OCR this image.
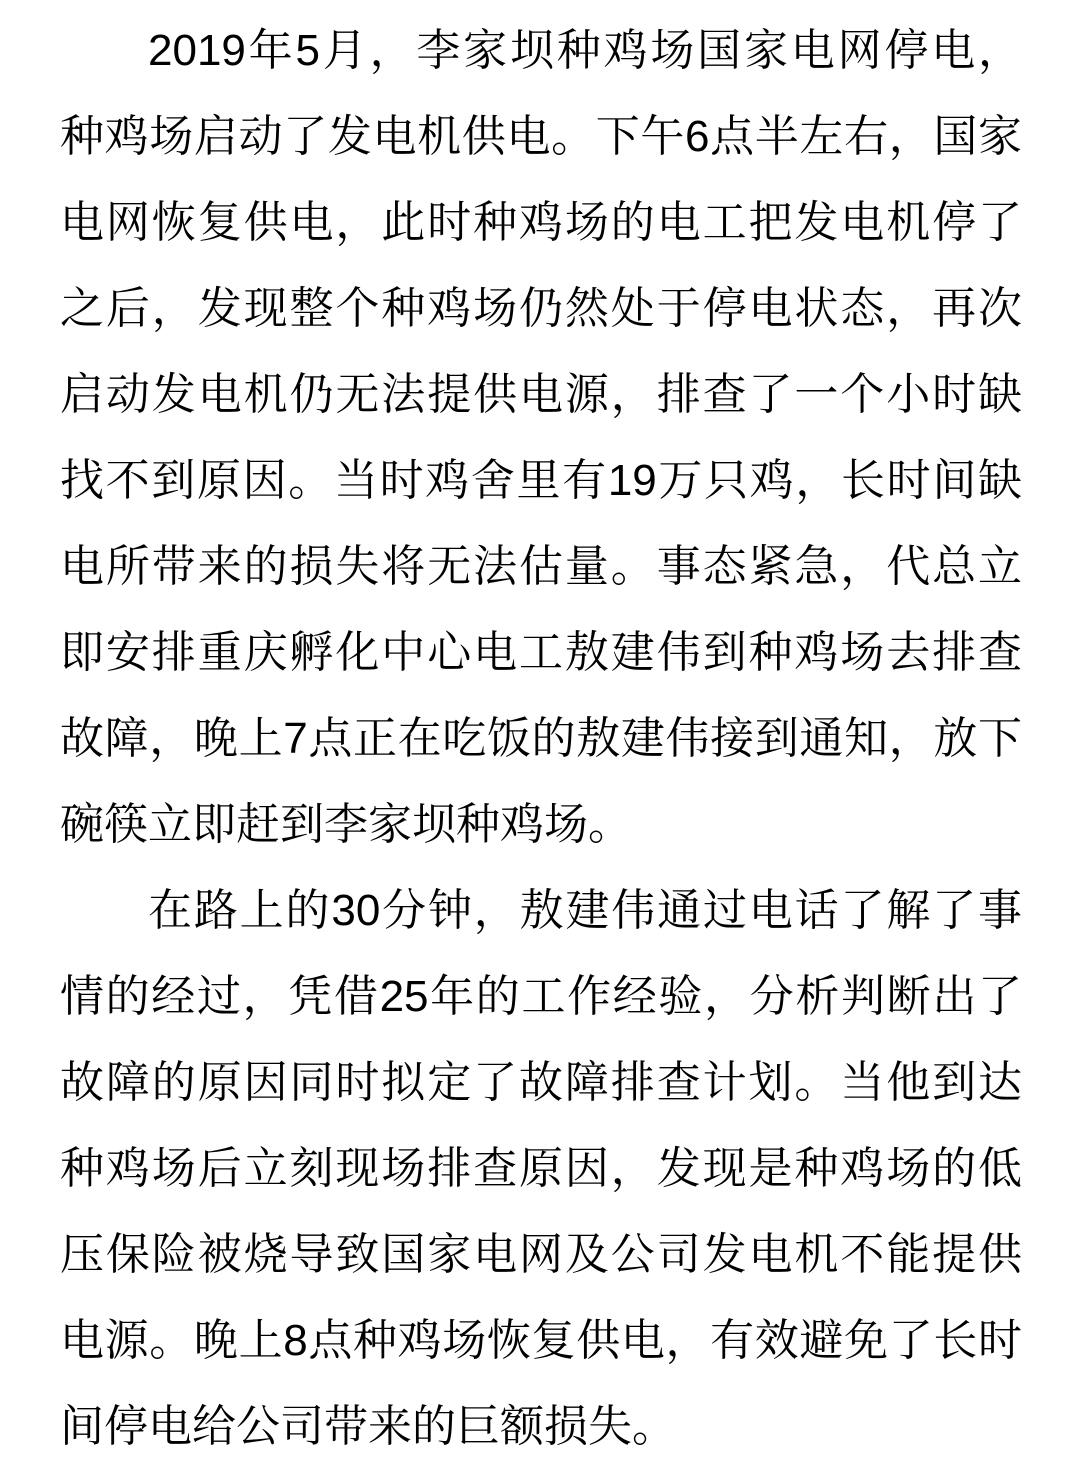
2019年5月，李家坝种鸡场国家电网停电，
种鸡场启动了发电机供电。下午6点半左右，国家
电网恢复供电，此时种鸡场的电工把发电机停了
之后，发现整个种鸡场仍然处于停电状态，再次
启动发电机仍无法提供电源，排查了一个小时缺
找不到原因。当时鸡舍里有19万只鸡，长时间缺
电所带来的损失将无法估量。事态紧急，代总立
即安排重庆孵化中心电工敖建伟到种鸡场去排查
故障，晚上7点正在吃饭的敖建伟接到通知，放下
碗筷立即赶到李家坝种鸡场。
在路上的30分钟，敖建伟通过电话了解了事
情的经过，凭借25年的工作经验，分析判断出了
故障的原因同时拟定了故障排查计划。当他到达
种鸡场后立刻现场排查原因，发现是种鸡场的低
压保险被烧导致国家电网及公司发电机不能提供
电源。晚上8点种鸡场恢复供电，有效避免了长时
间停电给公司带来的巨额损失。
